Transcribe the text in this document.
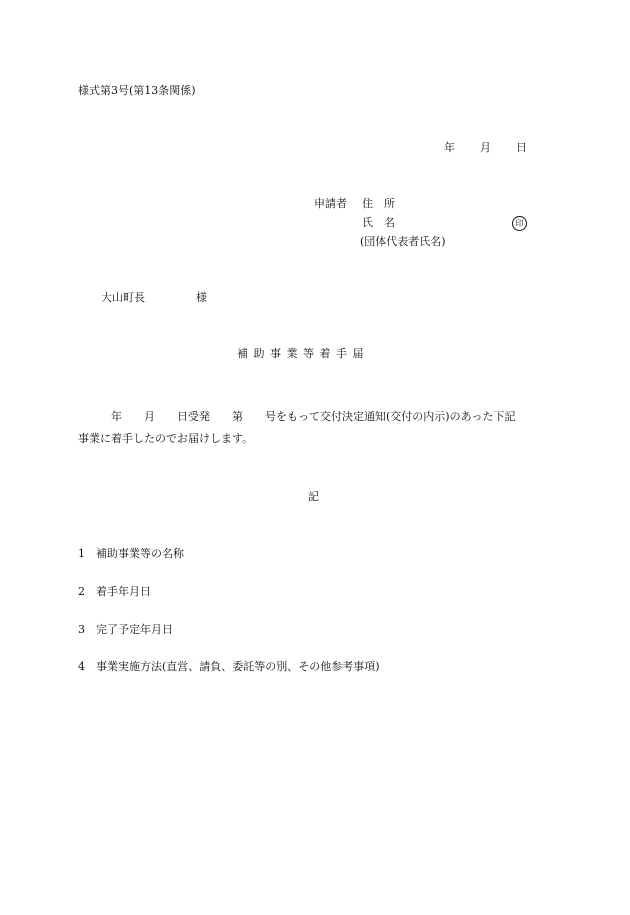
様式第3号(第13条関係)
年 月 日
申請者 住　所
氏　名	印
(団体代表者氏名)
大山町長	様
補 助 事 業 等 着 手 届
　　　年　　月　　日受発　　第　　号をもって交付決定通知(交付の内示)のあった下記
事業に着手したのでお届けします。
記
1 補助事業等の名称
2 着手年月日
3 完了予定年月日
4 事業実施方法(直営、請負、委託等の別、その他参考事項)
